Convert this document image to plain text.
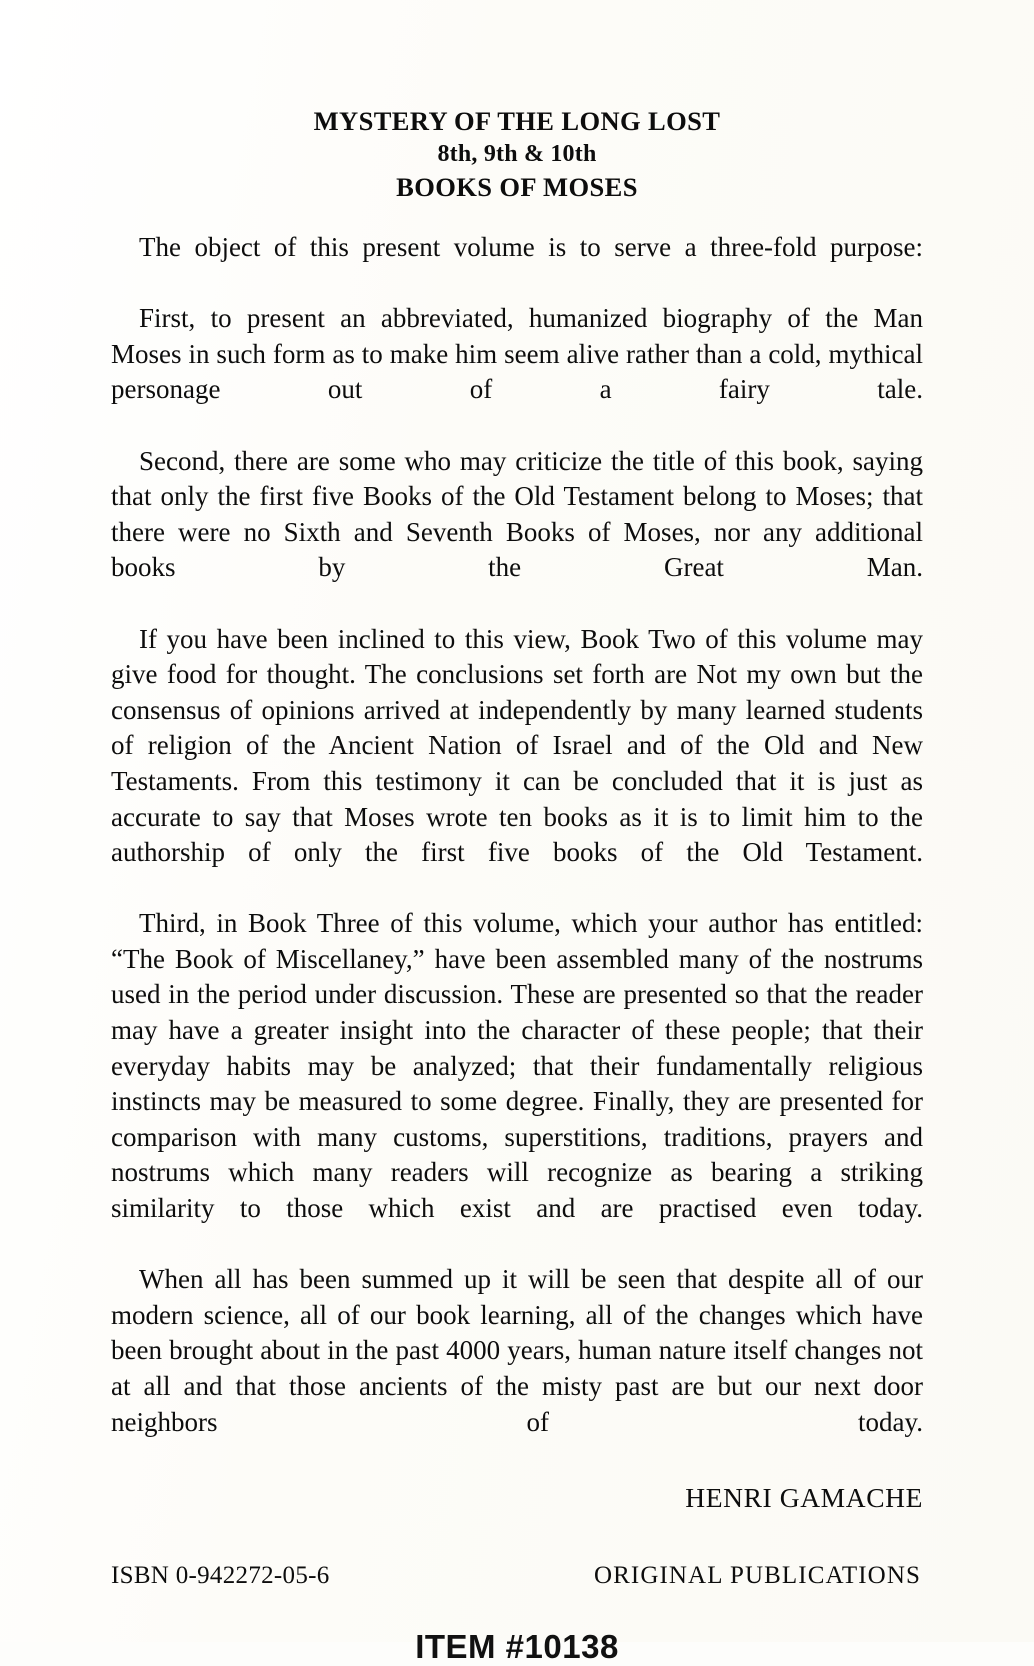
MYSTERY OF THE LONG LOST
8th, 9th & 10th
BOOKS OF MOSES

The object of this present volume is to serve a three-fold purpose:

First, to present an abbreviated, humanized biography of the Man Moses in such form as to make him seem alive rather than a cold, mythical personage out of a fairy tale.

Second, there are some who may criticize the title of this book, saying that only the first five Books of the Old Testament belong to Moses; that there were no Sixth and Seventh Books of Moses, nor any additional books by the Great Man.

If you have been inclined to this view, Book Two of this volume may give food for thought. The conclusions set forth are Not my own but the consensus of opinions arrived at independently by many learned students of religion of the Ancient Nation of Israel and of the Old and New Testaments. From this testimony it can be concluded that it is just as accurate to say that Moses wrote ten books as it is to limit him to the authorship of only the first five books of the Old Testament.

Third, in Book Three of this volume, which your author has entitled: “The Book of Miscellaney,” have been assembled many of the nostrums used in the period under discussion. These are presented so that the reader may have a greater insight into the character of these people; that their everyday habits may be analyzed; that their fundamentally religious instincts may be measured to some degree. Finally, they are presented for comparison with many customs, superstitions, traditions, prayers and nostrums which many readers will recognize as bearing a striking similarity to those which exist and are practised even today.

When all has been summed up it will be seen that despite all of our modern science, all of our book learning, all of the changes which have been brought about in the past 4000 years, human nature itself changes not at all and that those ancients of the misty past are but our next door neighbors of today.

HENRI GAMACHE
ISBN 0-942272-05-6	ORIGINAL PUBLICATIONS
ITEM #10138
